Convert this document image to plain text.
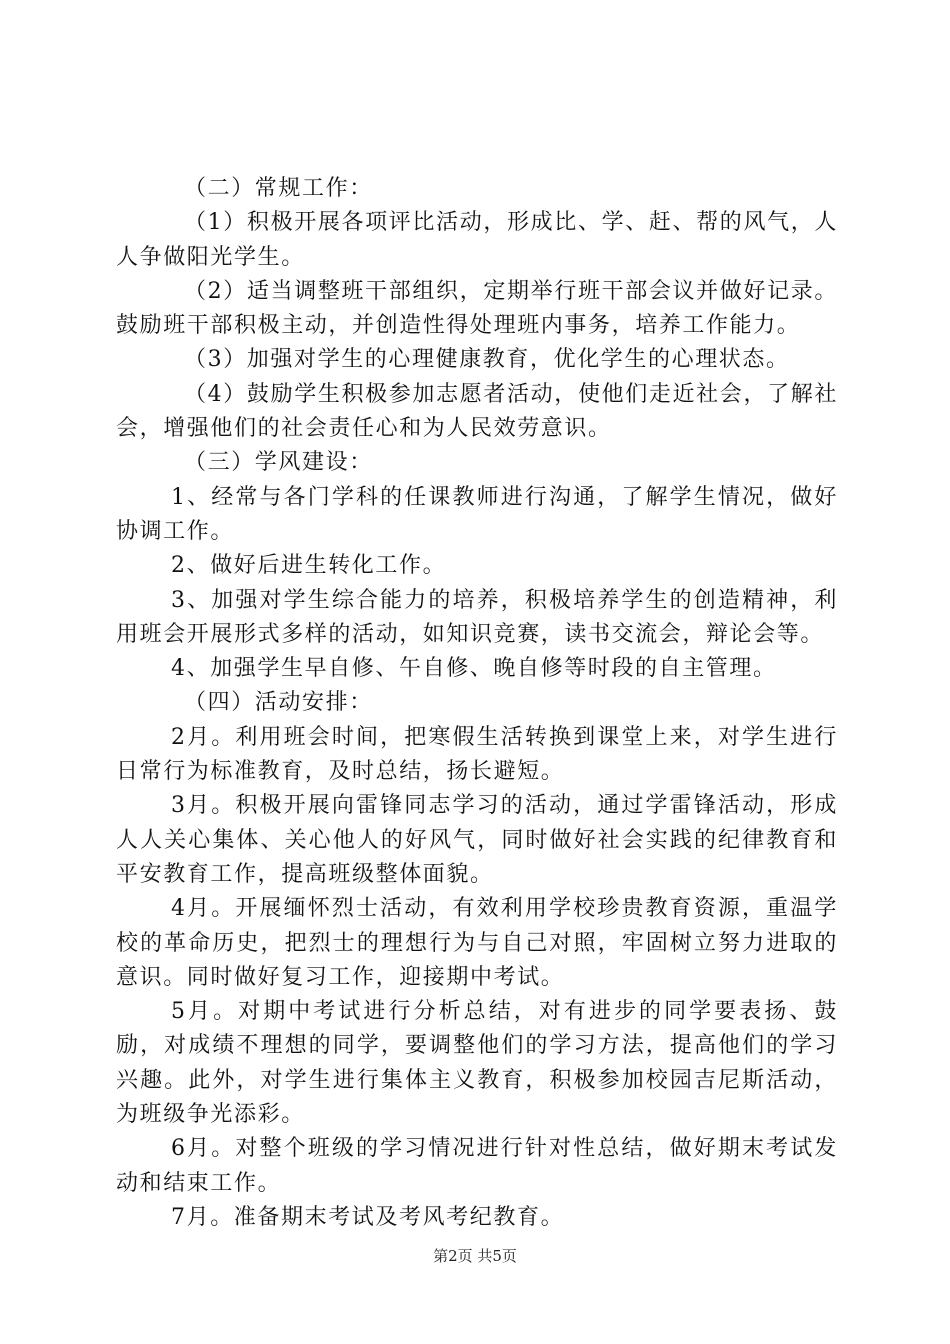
（二）常规工作：

（1）积极开展各项评比活动，形成比、学、赶、帮的风气，人人争做阳光学生。

（2）适当调整班干部组织，定期举行班干部会议并做好记录。鼓励班干部积极主动，并创造性得处理班内事务，培养工作能力。

（3）加强对学生的心理健康教育，优化学生的心理状态。

（4）鼓励学生积极参加志愿者活动，使他们走近社会，了解社会，增强他们的社会责任心和为人民效劳意识。

（三）学风建设：

1、经常与各门学科的任课教师进行沟通，了解学生情况，做好协调工作。

2、做好后进生转化工作。

3、加强对学生综合能力的培养，积极培养学生的创造精神，利用班会开展形式多样的活动，如知识竞赛，读书交流会，辩论会等。

4、加强学生早自修、午自修、晚自修等时段的自主管理。

（四）活动安排：

2月。利用班会时间，把寒假生活转换到课堂上来，对学生进行日常行为标准教育，及时总结，扬长避短。

3月。积极开展向雷锋同志学习的活动，通过学雷锋活动，形成人人关心集体、关心他人的好风气，同时做好社会实践的纪律教育和平安教育工作，提高班级整体面貌。

4月。开展缅怀烈士活动，有效利用学校珍贵教育资源，重温学校的革命历史，把烈士的理想行为与自己对照，牢固树立努力进取的意识。同时做好复习工作，迎接期中考试。

5月。对期中考试进行分析总结，对有进步的同学要表扬、鼓励，对成绩不理想的同学，要调整他们的学习方法，提高他们的学习兴趣。此外，对学生进行集体主义教育，积极参加校园吉尼斯活动，为班级争光添彩。

6月。对整个班级的学习情况进行针对性总结，做好期末考试发动和结束工作。

7月。准备期末考试及考风考纪教育。

第2页 共5页
